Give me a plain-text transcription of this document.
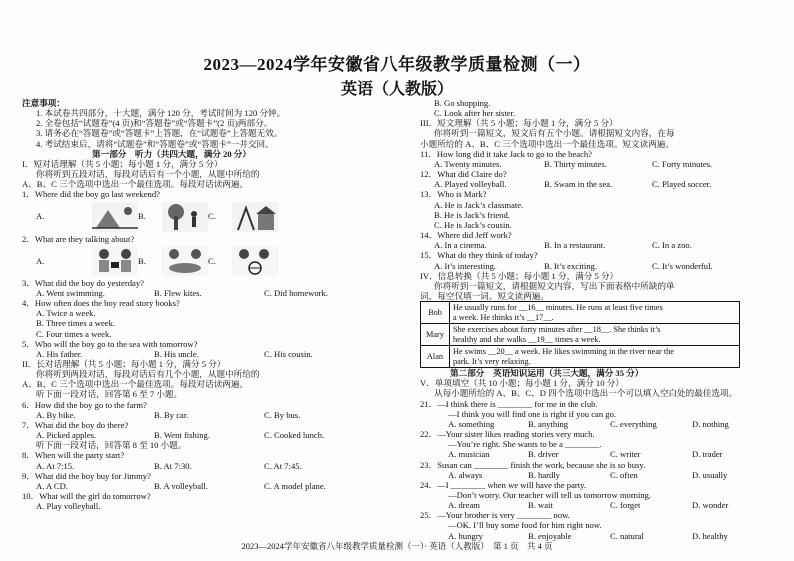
2023—2024学年安徽省八年级教学质量检测（一）
英语（人教版）
注意事项：
1. 本试卷共四部分，十大题，满分 120 分，考试时间为 120 分钟。
2. 全卷包括“试题卷”(4 页)和“答题卷”或“答题卡”(2 页)两部分。
3. 请务必在“答题卷”或“答题卡”上答题，在“试题卷”上答题无效。
4. 考试结束后，请将“试题卷”和“答题卷”或“答题卡”一并交回。
第一部分　听力（共四大题，满分 20 分）
I．短对话理解（共 5 小题；每小题 1 分，满分 5 分）
你将听到五段对话，每段对话后有一个小题，从题中所给的
A、B、C 三个选项中选出一个最佳选项。每段对话读两遍。
1．Where did the boy go last weekend?
A.	B.	C.
2．What are they talking about?
A.	B.	C.
3．What did the boy do yesterday?
A. Went swimming.	B. Flew kites.	C. Did homework.
4．How often does the boy read story books?
A. Twice a week.
B. Three times a week.
C. Four times a week.
5．Who will the boy go to the sea with tomorrow?
A. His father.	B. His uncle.	C. His cousin.
II．长对话理解（共 5 小题；每小题 1 分，满分 5 分）
你将听到两段对话，每段对话后有几个小题，从题中所给的
A、B、C 三个选项中选出一个最佳选项。每段对话读两遍。
听下面一段对话，回答第 6 至 7 小题。
6．How did the boy go to the farm?
A. By bike.	B. By car.	C. By bus.
7．What did the boy do there?
A. Picked apples.	B. Went fishing.	C. Cooked lunch.
听下面一段对话，回答第 8 至 10 小题。
8．When will the party start?
A. At 7:15.	B. At 7:30.	C. At 7:45.
9．What did the boy buy for Jimmy?
A. A CD.	B. A volleyball.	C. A model plane.
10．What will the girl do tomorrow?
A. Play volleyball.
B. Go shopping.
C. Look after her sister.
III．短文理解（共 5 小题；每小题 1 分，满分 5 分）
你将听到一篇短文，短文后有五个小题。请根据短文内容，在每
小题所给的 A、B、C 三个选项中选出一个最佳选项。短文读两遍。
11．How long did it take Jack to go to the beach?
A. Twenty minutes.	B. Thirty minutes.	C. Forty minutes.
12．What did Claire do?
A. Played volleyball.	B. Swam in the sea.	C. Played soccer.
13．Who is Mark?
A. He is Jack’s classmate.
B. He is Jack’s friend.
C. He is Jack’s cousin.
14．Where did Jeff work?
A. In a cinema.	B. In a restaurant.	C. In a zoo.
15．What do they think of today?
A. It’s interesting.	B. It’s exciting.	C. It’s wonderful.
IV．信息转换（共 5 小题；每小题 1 分，满分 5 分）
你将听到一篇短文，请根据短文内容，写出下面表格中所缺的单
词，每空仅填一词。短文读两遍。
Bob	He usually runs for __16__ minutes. He runs at least five times
a week. He thinks it’s __17__.

Mary	She exercises about forty minutes after __18__. She thinks it’s
healthy and she walks __19__ times a week.

Alan	He swims __20__ a week. He likes swimming in the river near the
park. It’s very relaxing.
第二部分　英语知识运用（共三大题，满分 35 分）
V．单项填空（共 10 小题；每小题 1 分，满分 10 分）
从每小题所给的 A、B、C、D 四个选项中选出一个可以填入空白处的最佳选项。
21．—I think there is ________ for me in the club.
—I think you will find one is right if you can go.
A. something	B. anything	C. everything	D. nothing
22．—Your sister likes reading stories very much.
—You’re right. She wants to be a ________.
A. musician	B. driver	C. writer	D. trader
23．Susan can ________ finish the work, because she is so busy.
A. always	B. hardly	C. often	D. usually
24．—I ________ when we will have the party.
—Don’t worry. Our teacher will tell us tomorrow morning.
A. dream	B. wait	C. forget	D. wonder
25．—Your brother is very ________ now.
—OK. I’ll buy some food for him right now.
A. hungry	B. enjoyable	C. natural	D. healthy
2023—2024学年安徽省八年级教学质量检测（一）· 英语（人教版）　第 1 页　共 4 页
